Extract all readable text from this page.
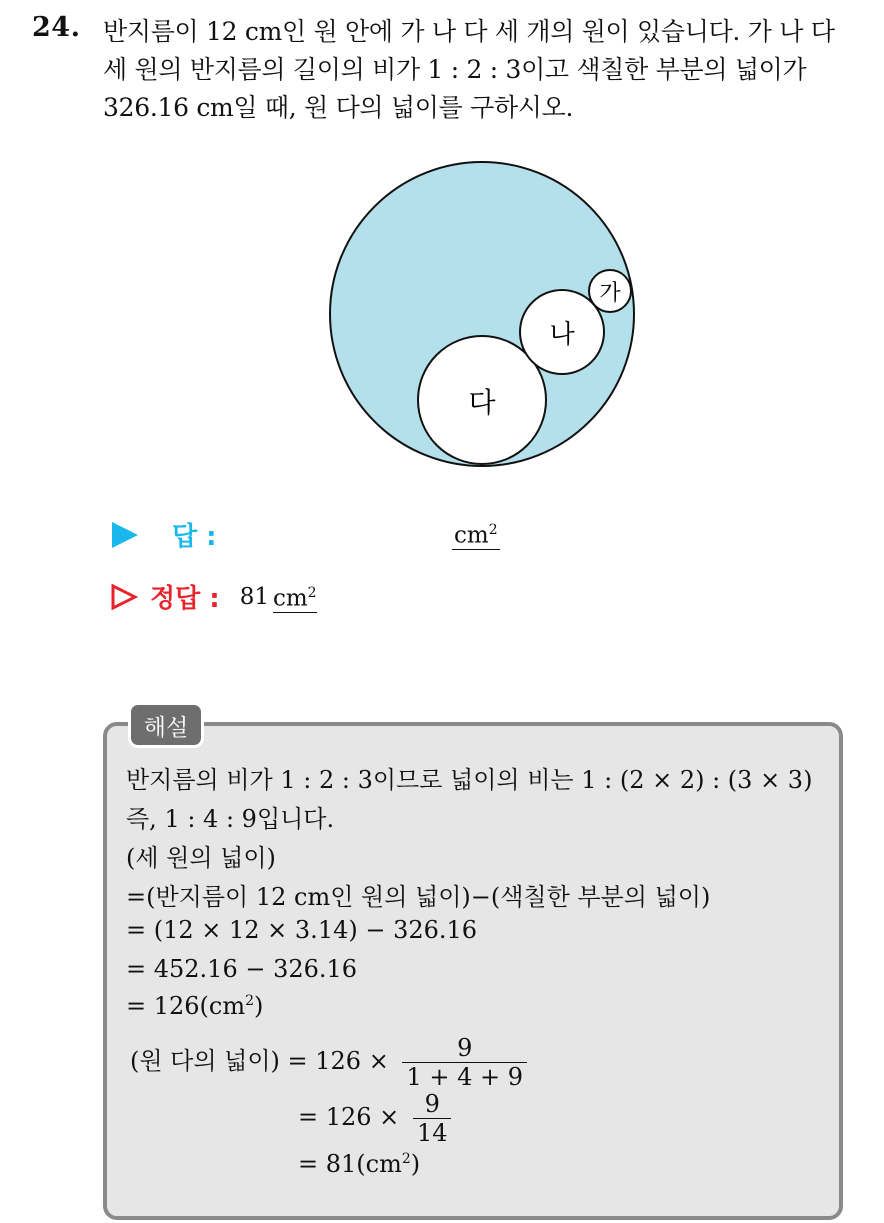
24. 반지름이 12 cm인 원 안에 가 나 다 세 개의 원이 있습니다. 가 나 다
세 원의 반지름의 길이의 비가 1 : 2 : 3이고 색칠한 부분의 넓이가
326.16 cm일 때, 원 다의 넓이를 구하시오.
다
나
가
답 :	$cm^2$
정답 : 81 $cm^2$
해설
반지름의 비가 1 : 2 : 3이므로 넓이의 비는 1 : (2 × 2) : (3 × 3)
즉, 1 : 4 : 9입니다.
(세 원의 넓이)
=(반지름이 12 cm인 원의 넓이)−(색칠한 부분의 넓이)
= (12 × 12 × 3.14) − 326.16
= 452.16 − 326.16
= $126(cm^2)$
(원 다의 넓이) = $126 \times \frac{9}{1 + 4 + 9}$
= $126 \times \frac{9}{14}$
= $81(cm^2)$
